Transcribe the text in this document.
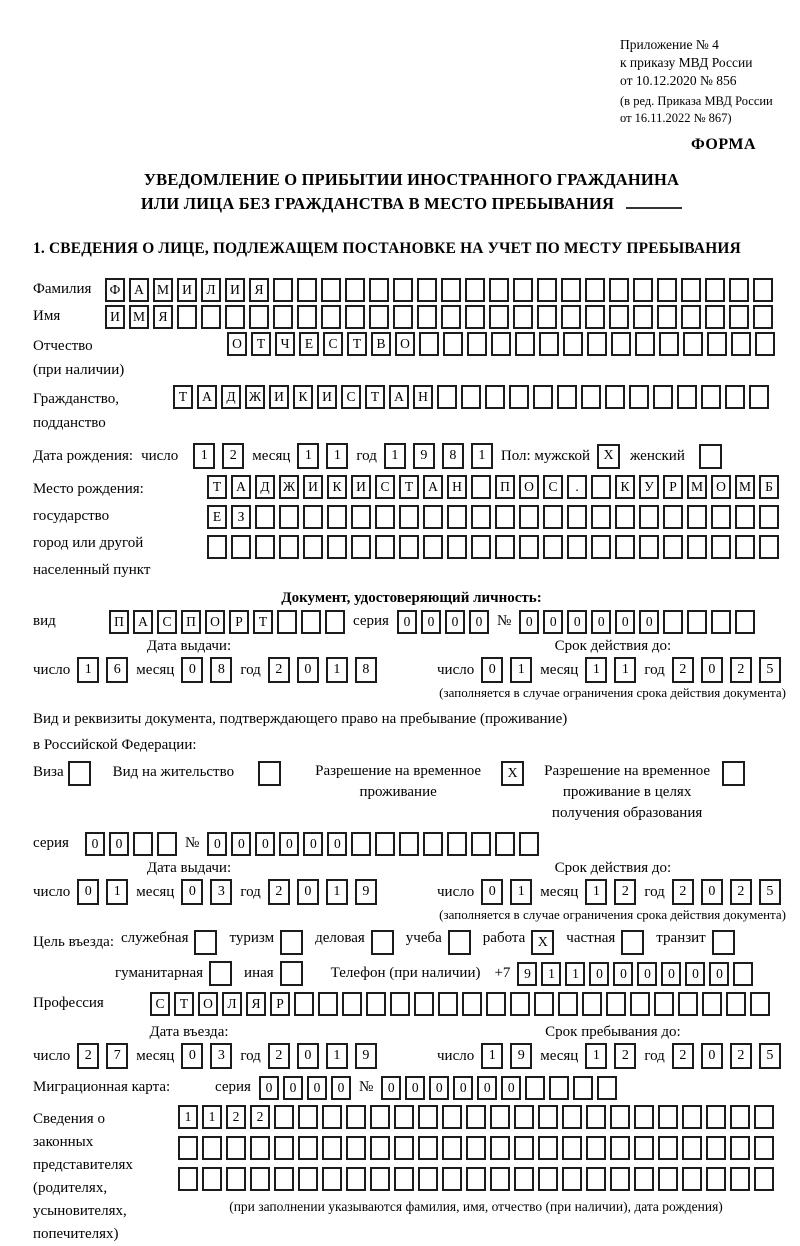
Приложение № 4
к приказу МВД России
от 10.12.2020 № 856
(в ред. Приказа МВД России
от 16.11.2022 № 867)
ФОРМА
УВЕДОМЛЕНИЕ О ПРИБЫТИИ ИНОСТРАННОГО ГРАЖДАНИНА
ИЛИ ЛИЦА БЕЗ ГРАЖДАНСТВА В МЕСТО ПРЕБЫВАНИЯ
1. СВЕДЕНИЯ О ЛИЦЕ, ПОДЛЕЖАЩЕМ ПОСТАНОВКЕ НА УЧЕТ ПО МЕСТУ ПРЕБЫВАНИЯ
Фамилия	Ф	А М И	Л	И	Я
Имя	И М Я
Отчество
(при наличии)
О	Т	Ч	Е	С	Т	В	О
Гражданство,
подданство
Т	А	Д Ж И	К	И	С	Т	А	Н
Дата рождения: число	1	2	месяц	1	1	год	1	9	8	1	Пол: мужской X	женский
Место рождения:
государство
город или другой
населенный пункт
Т	А	Д Ж И	К	И	С	Т	А	Н	П	О	С	.	К	У	Р	М О М	Б
Е	З
Документ, удостоверяющий личность:
вид	П	А	С	П	О	Р	Т	серия	0	0	0	0 №	0	0	0	0	0	0
Дата выдачи:
число	1	6	месяц	0	8	год	2	0	1	8
Срок действия до:
число	0	1	месяц	1	1	год	2	0	2	5
(заполняется в случае ограничения срока действия документа)
Вид и реквизиты документа, подтверждающего право на пребывание (проживание)
в Российской Федерации:
Виза	Вид на жительство	Разрешение на временное проживание
X	Разрешение на временное проживание в целях получения образования
серия	0	0	№	0	0	0	0	0	0
Дата выдачи:
число	0	1	месяц	0	3	год	2	0	1	9
Срок действия до:
число	0	1	месяц	1	2	год	2	0	2	5
(заполняется в случае ограничения срока действия документа)
Цель въезда: служебная	туризм	деловая	учеба	работа X	частная	транзит
гуманитарная	иная	Телефон (при наличии) +7	9	1	1	0	0	0	0	0	0
Профессия	С	Т	О	Л	Я	Р
Дата въезда:
число	2	7	месяц	0	3	год	2	0	1	9
Срок пребывания до:
число	1	9	месяц	1	2	год	2	0	2	5
Миграционная карта:	серия	0	0	0	0 №	0	0	0	0	0	0
Сведения о
законных
представителях
(родителях,
усыновителях,
попечителях)
1	1	2	2
(при заполнении указываются фамилия, имя, отчество (при наличии), дата рождения)
